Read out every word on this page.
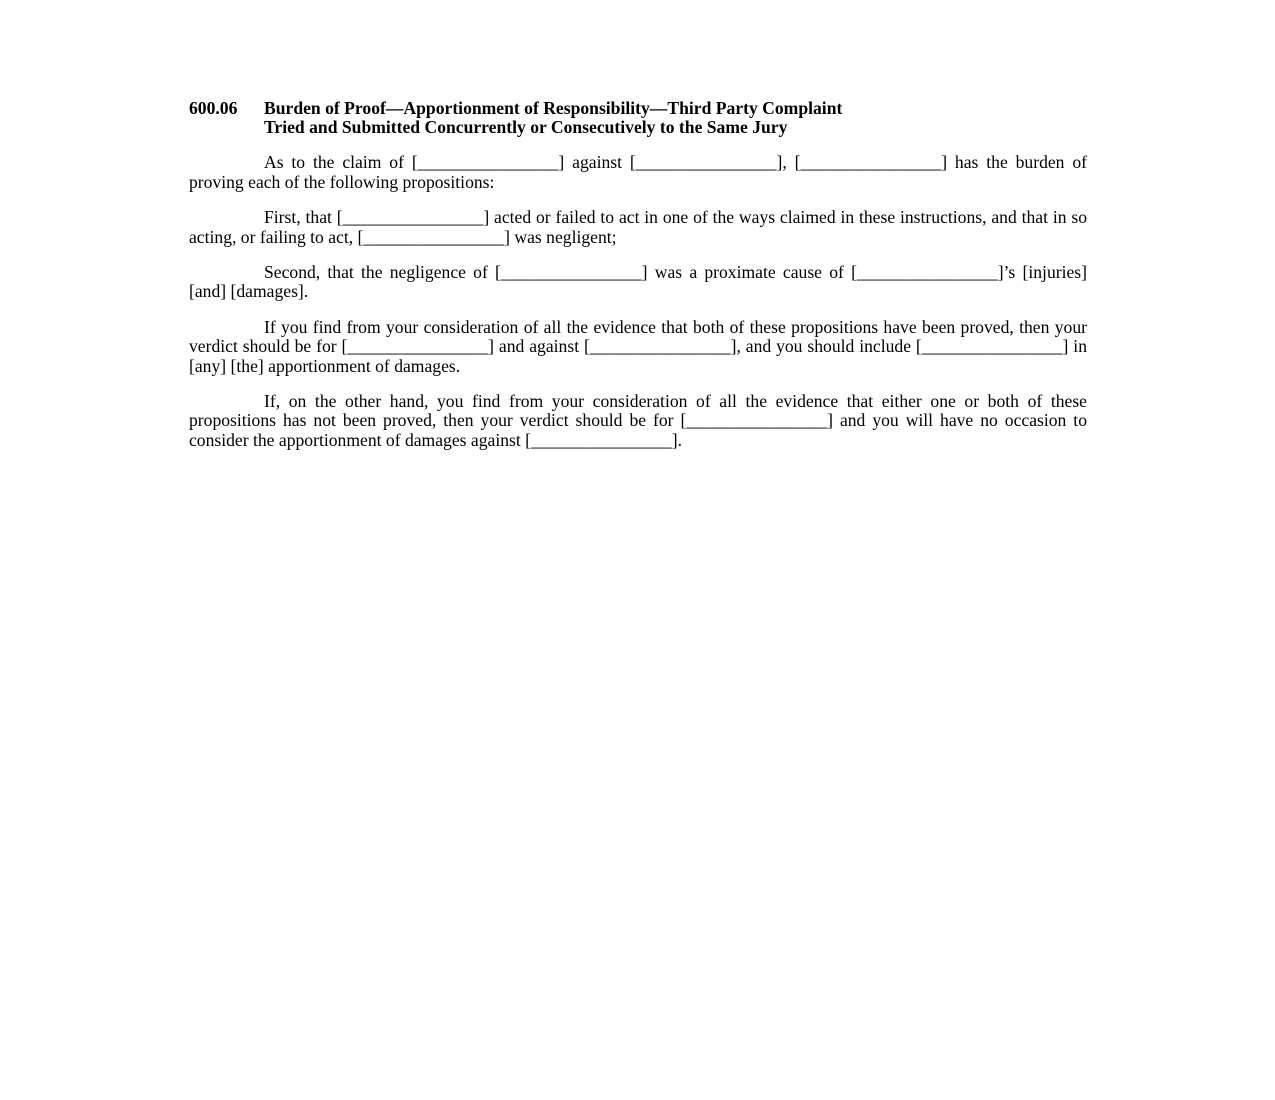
600.06	Burden of Proof—Apportionment of Responsibility—Third Party Complaint
Tried and Submitted Concurrently or Consecutively to the Same Jury

As to the claim of [________________] against [________________], [________________] has the burden of proving each of the following propositions:

First, that [________________] acted or failed to act in one of the ways claimed in these instructions, and that in so acting, or failing to act, [________________] was negligent;

Second, that the negligence of [________________] was a proximate cause of [________________]’s [injuries] [and] [damages].

If you find from your consideration of all the evidence that both of these propositions have been proved, then your verdict should be for [________________] and against [________________], and you should include [________________] in [any] [the] apportionment of damages.

If, on the other hand, you find from your consideration of all the evidence that either one or both of these propositions has not been proved, then your verdict should be for [________________] and you will have no occasion to consider the apportionment of damages against [________________].
